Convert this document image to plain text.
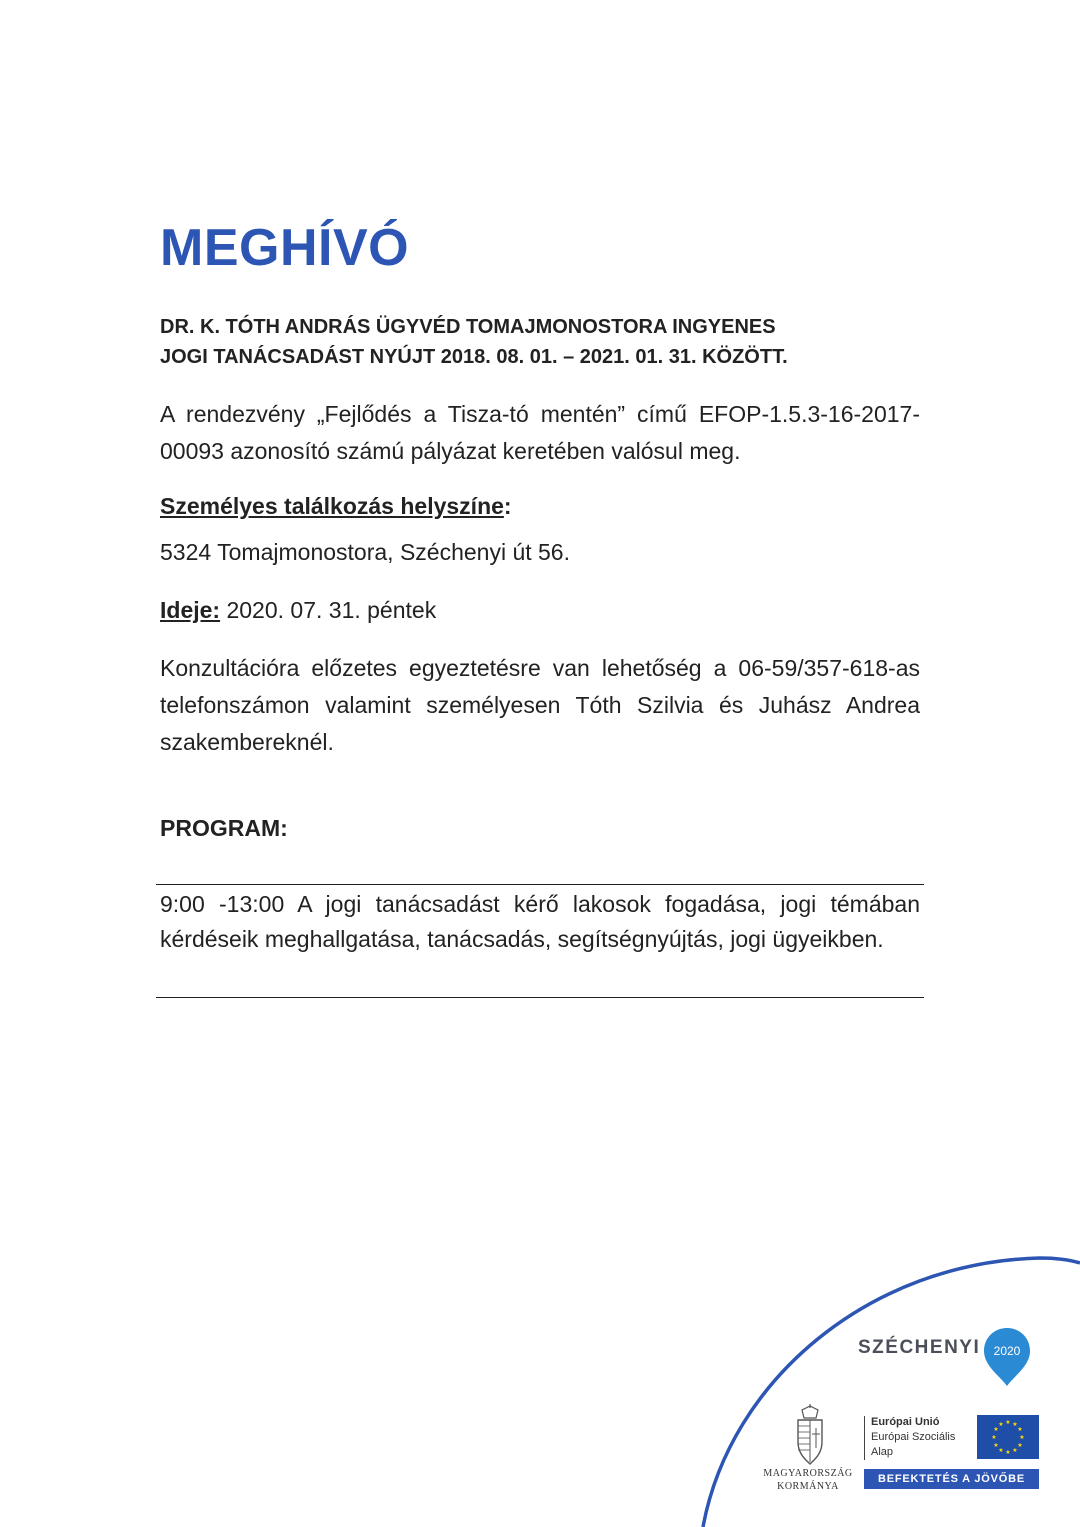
MEGHÍVÓ
DR. K. TÓTH ANDRÁS ÜGYVÉD TOMAJMONOSTORA INGYENES
JOGI TANÁCSADÁST NYÚJT 2018. 08. 01. – 2021. 01. 31. KÖZÖTT.
A rendezvény „Fejlődés a Tisza-tó mentén” című EFOP-1.5.3-16-2017-00093 azonosító számú pályázat keretében valósul meg.
Személyes találkozás helyszíne:
5324 Tomajmonostora, Széchenyi út 56.
Ideje: 2020. 07. 31. péntek
Konzultációra előzetes egyeztetésre van lehetőség a 06-59/357-618-as telefonszámon valamint személyesen Tóth Szilvia és Juhász Andrea szakembereknél.
PROGRAM:
9:00 -13:00 A jogi tanácsadást kérő lakosok fogadása, jogi témában kérdéseik meghallgatása, tanácsadás, segítségnyújtás, jogi ügyeikben.
SZÉCHENYI 2020
MAGYARORSZÁG
KORMÁNYA
Európai Unió
Európai Szociális
Alap
★ ★
★
★
★
★
★
★
★
★
★
★
BEFEKTETÉS A JÖVŐBE
